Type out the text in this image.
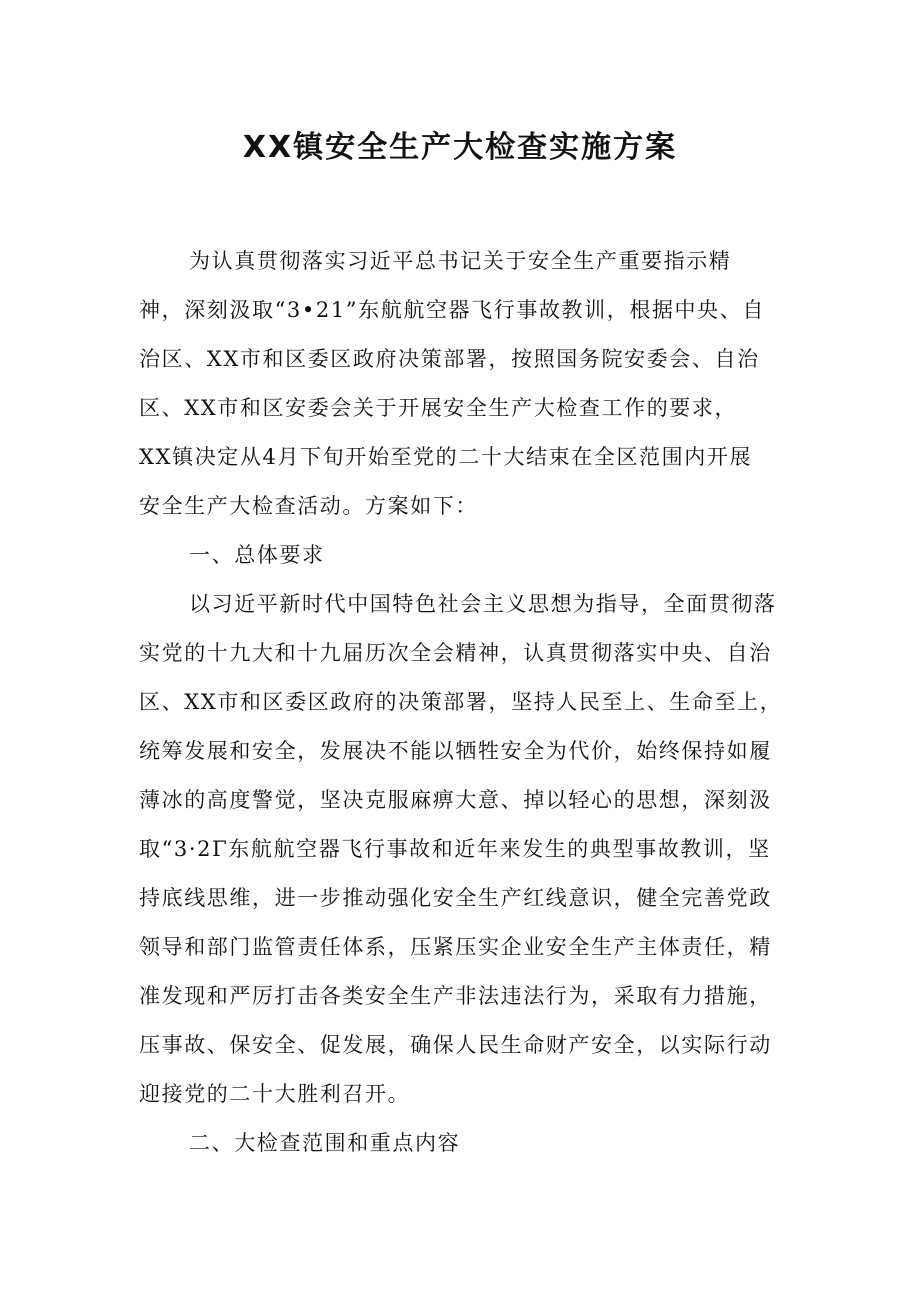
XX镇安全生产大检查实施方案

为认真贯彻落实习近平总书记关于安全生产重要指示精

神，深刻汲取“3•21”东航航空器飞行事故教训，根据中央、自

治区、XX市和区委区政府决策部署，按照国务院安委会、自治

区、XX市和区安委会关于开展安全生产大检查工作的要求，

XX镇决定从4月下旬开始至党的二十大结束在全区范围内开展

安全生产大检查活动。方案如下：

一、总体要求

以习近平新时代中国特色社会主义思想为指导，全面贯彻落

实党的十九大和十九届历次全会精神，认真贯彻落实中央、自治

区、XX市和区委区政府的决策部署，坚持人民至上、生命至上，

统筹发展和安全，发展决不能以牺牲安全为代价，始终保持如履

薄冰的高度警觉，坚决克服麻痹大意、掉以轻心的思想，深刻汲

取“3·2Γ东航航空器飞行事故和近年来发生的典型事故教训，坚

持底线思维，进一步推动强化安全生产红线意识，健全完善党政

领导和部门监管责任体系，压紧压实企业安全生产主体责任，精

准发现和严厉打击各类安全生产非法违法行为，采取有力措施，

压事故、保安全、促发展，确保人民生命财产安全，以实际行动

迎接党的二十大胜利召开。

二、大检查范围和重点内容
